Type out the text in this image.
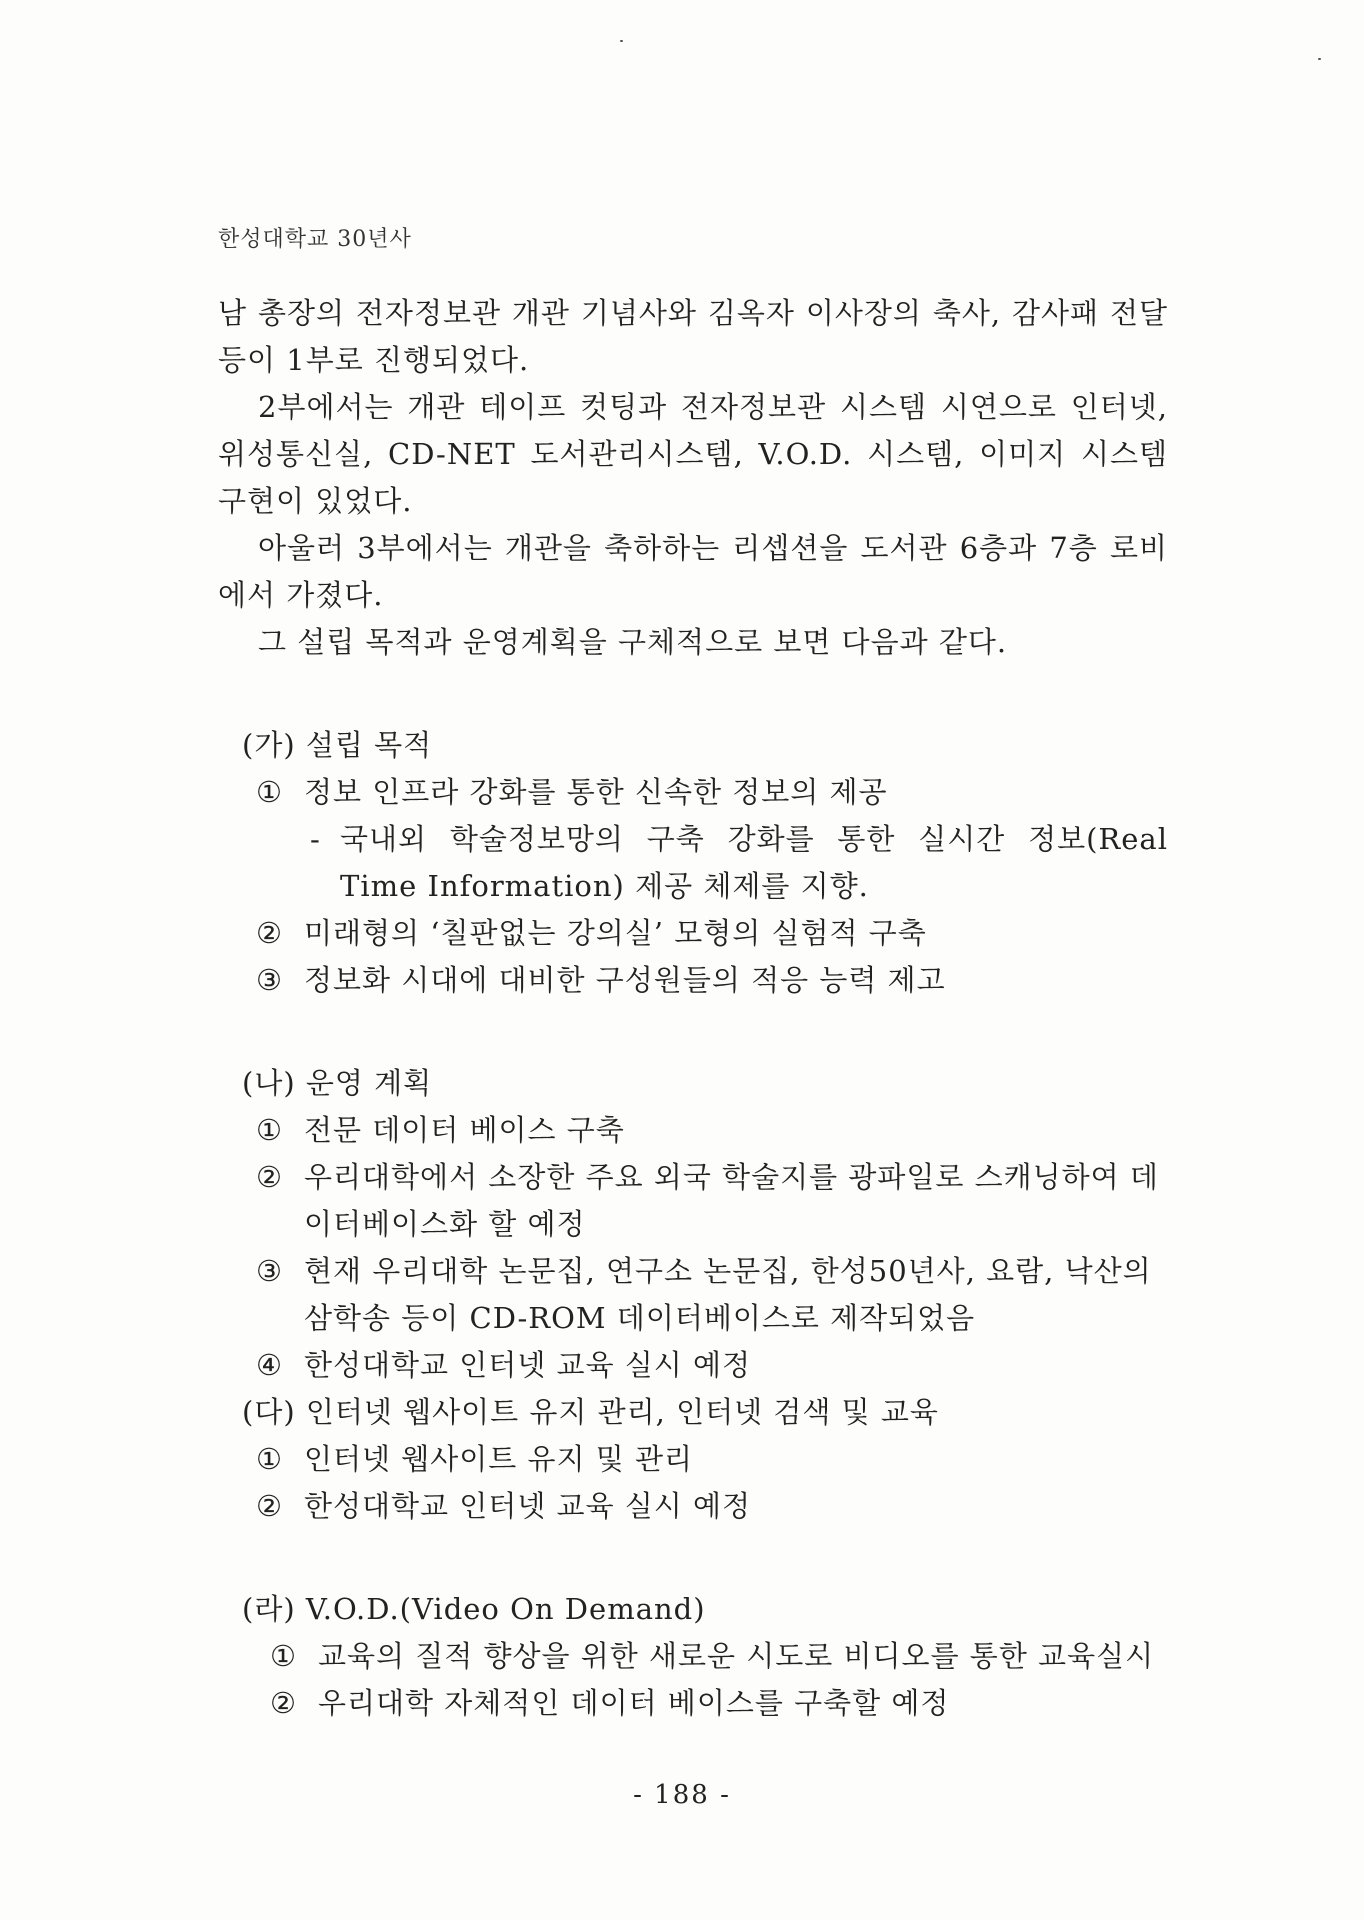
한성대학교 30년사

남 총장의 전자정보관 개관 기념사와 김옥자 이사장의 축사, 감사패 전달 등이 1부로 진행되었다.

2부에서는 개관 테이프 컷팅과 전자정보관 시스템 시연으로 인터넷, 위성통신실, CD-NET 도서관리시스템, V.O.D. 시스템, 이미지 시스템 구현이 있었다.

아울러 3부에서는 개관을 축하하는 리셉션을 도서관 6층과 7층 로비에서 가졌다.

그 설립 목적과 운영계획을 구체적으로 보면 다음과 같다.

(가) 설립 목적
① 정보 인프라 강화를 통한 신속한 정보의 제공
- 국내외 학술정보망의 구축 강화를 통한 실시간 정보(Real Time Information) 제공 체제를 지향.
② 미래형의 ‘칠판없는 강의실’ 모형의 실험적 구축
③ 정보화 시대에 대비한 구성원들의 적응 능력 제고
(나) 운영 계획
① 전문 데이터 베이스 구축
② 우리대학에서 소장한 주요 외국 학술지를 광파일로 스캐닝하여 데이터베이스화 할 예정
③ 현재 우리대학 논문집, 연구소 논문집, 한성50년사, 요람, 낙산의 삼학송 등이 CD-ROM 데이터베이스로 제작되었음
④ 한성대학교 인터넷 교육 실시 예정
(다) 인터넷 웹사이트 유지 관리, 인터넷 검색 및 교육
① 인터넷 웹사이트 유지 및 관리
② 한성대학교 인터넷 교육 실시 예정
(라) V.O.D.(Video On Demand)
① 교육의 질적 향상을 위한 새로운 시도로 비디오를 통한 교육실시
② 우리대학 자체적인 데이터 베이스를 구축할 예정
- 188 -
